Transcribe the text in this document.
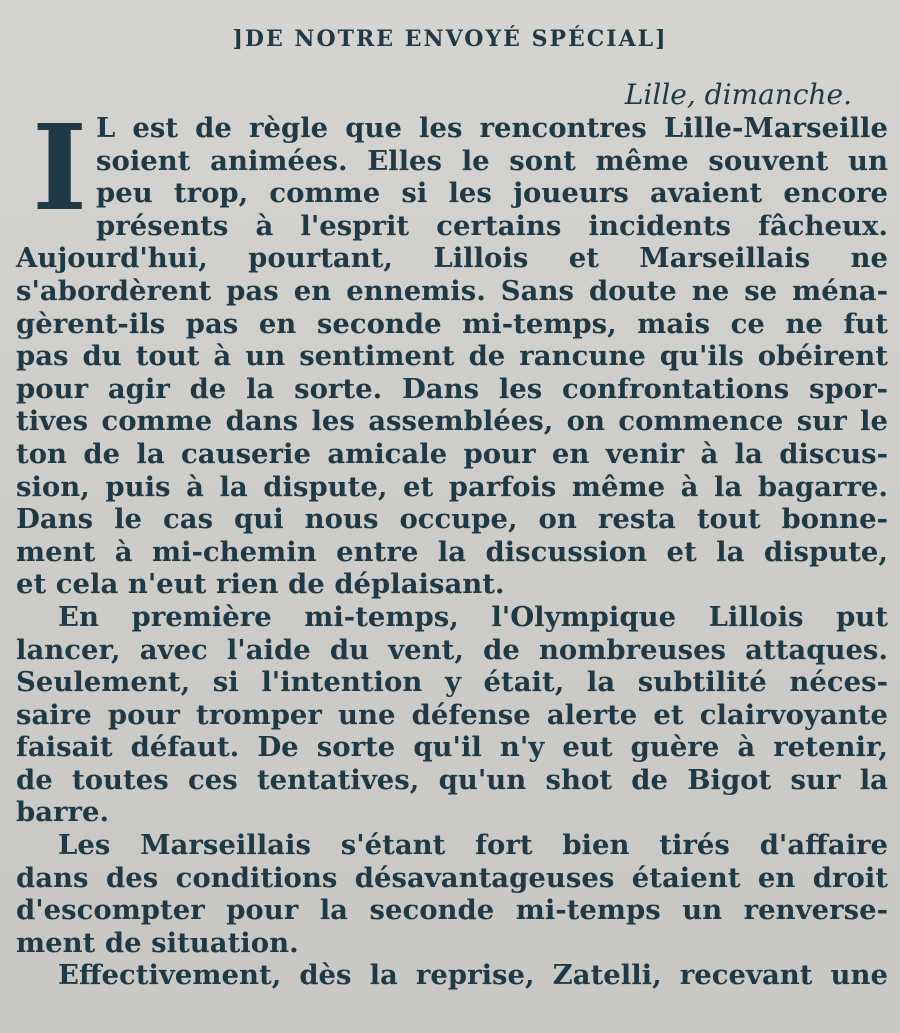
]DE NOTRE ENVOYÉ SPÉCIAL]
Lille, dimanche.
I L est de règle que les rencontres Lille-Marseille
soient animées. Elles le sont même souvent un
peu trop, comme si les joueurs avaient encore
présents à l'esprit certains incidents fâcheux.
Aujourd'hui, pourtant, Lillois et Marseillais ne
s'abordèrent pas en ennemis. Sans doute ne se ména-
gèrent-ils pas en seconde mi-temps, mais ce ne fut
pas du tout à un sentiment de rancune qu'ils obéirent
pour agir de la sorte. Dans les confrontations spor-
tives comme dans les assemblées, on commence sur le
ton de la causerie amicale pour en venir à la discus-
sion, puis à la dispute, et parfois même à la bagarre.
Dans le cas qui nous occupe, on resta tout bonne-
ment à mi-chemin entre la discussion et la dispute,
et cela n'eut rien de déplaisant.
En première mi-temps, l'Olympique Lillois put
lancer, avec l'aide du vent, de nombreuses attaques.
Seulement, si l'intention y était, la subtilité néces-
saire pour tromper une défense alerte et clairvoyante
faisait défaut. De sorte qu'il n'y eut guère à retenir,
de toutes ces tentatives, qu'un shot de Bigot sur la
barre.
Les Marseillais s'étant fort bien tirés d'affaire
dans des conditions désavantageuses étaient en droit
d'escompter pour la seconde mi-temps un renverse-
ment de situation.
Effectivement, dès la reprise, Zatelli, recevant une
